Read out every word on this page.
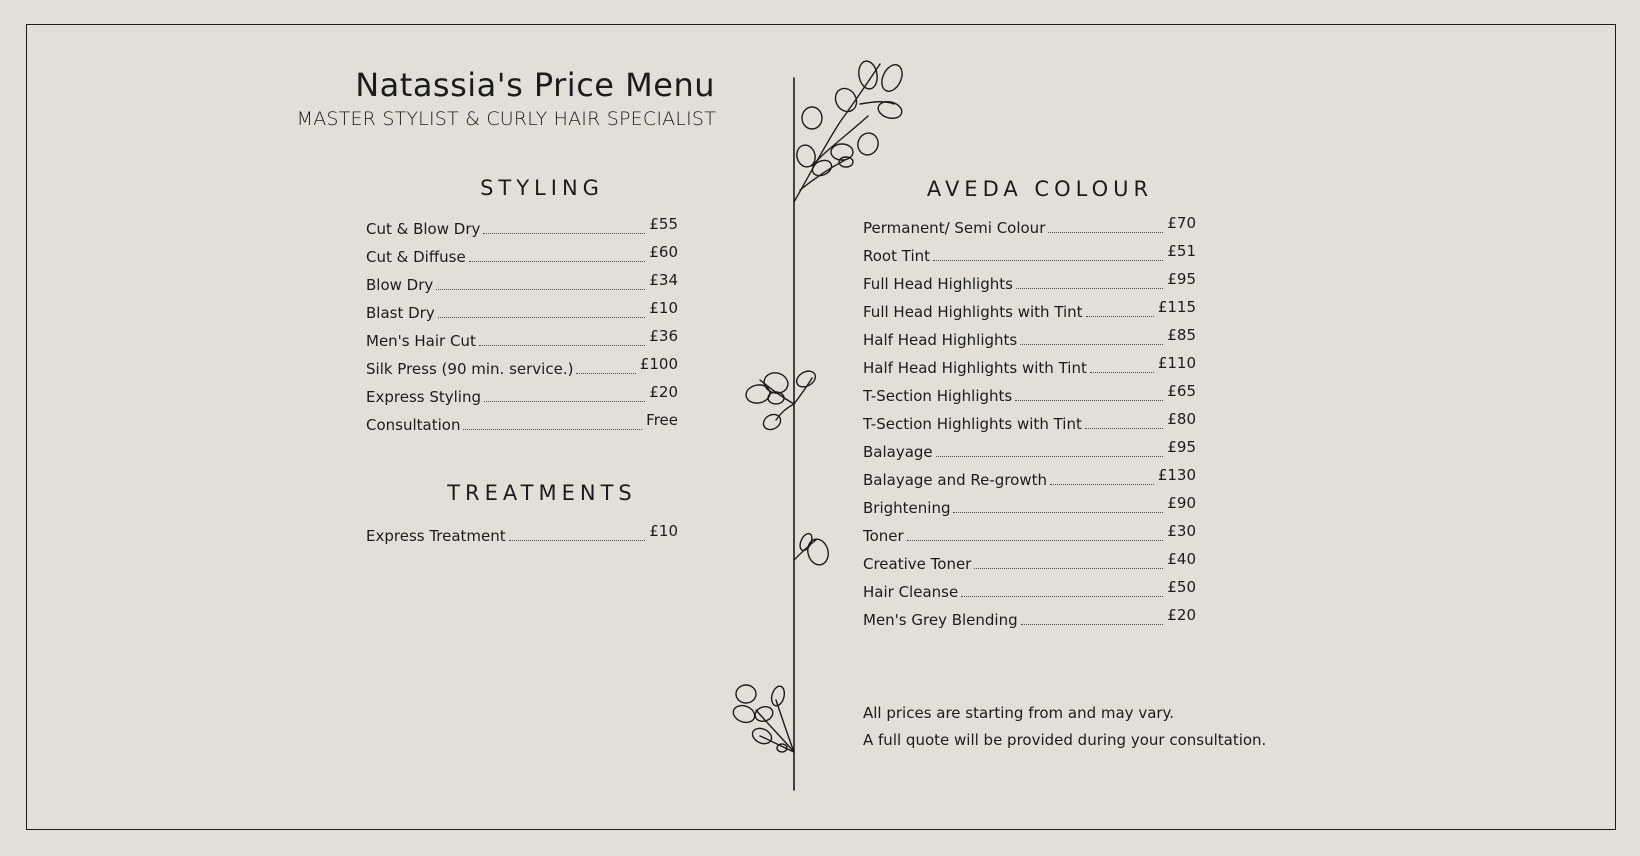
Natassia's Price Menu
MASTER STYLIST & CURLY HAIR SPECIALIST
STYLING
Cut & Blow Dry	£55
Cut & Diffuse	£60
Blow Dry	£34
Blast Dry	£10
Men's Hair Cut	£36
Silk Press (90 min. service.)	£100
Express Styling	£20
Consultation	Free
TREATMENTS
Express Treatment	£10
AVEDA COLOUR
Permanent/ Semi Colour	£70
Root Tint	£51
Full Head Highlights	£95
Full Head Highlights with Tint	£115
Half Head Highlights	£85
Half Head Highlights with Tint	£110
T-Section Highlights	£65
T-Section Highlights with Tint	£80
Balayage	£95
Balayage and Re-growth	£130
Brightening	£90
Toner	£30
Creative Toner	£40
Hair Cleanse	£50
Men's Grey Blending	£20
All prices are starting from and may vary.
A full quote will be provided during your consultation.
